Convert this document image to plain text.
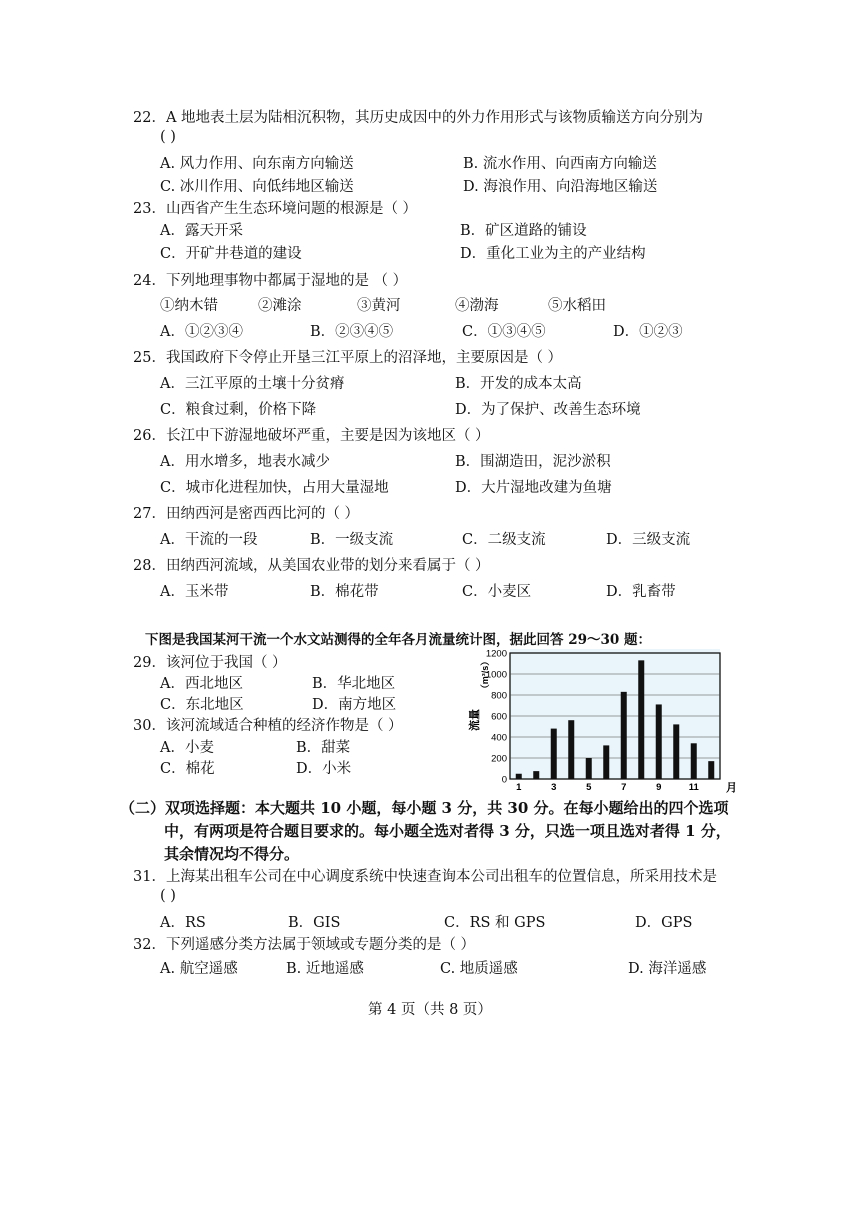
22．A 地地表土层为陆相沉积物，其历史成因中的外力作用形式与该物质输送方向分别为
( )
A. 风力作用、向东南方向输送	B. 流水作用、向西南方向输送
C. 冰川作用、向低纬地区输送	D. 海浪作用、向沿海地区输送
23．山西省产生生态环境问题的根源是（ ）
A．露天开采	B．矿区道路的铺设
C．开矿井巷道的建设	D．重化工业为主的产业结构
24．下列地理事物中都属于湿地的是 （ ）
①纳木错	②滩涂	③黄河	④渤海	⑤水稻田
A．①②③④	B．②③④⑤	C．①③④⑤	D．①②③
25．我国政府下令停止开垦三江平原上的沼泽地，主要原因是（ ）
A．三江平原的土壤十分贫瘠	B．开发的成本太高
C．粮食过剩，价格下降	D．为了保护、改善生态环境
26．长江中下游湿地破坏严重，主要是因为该地区（ ）
A．用水增多，地表水减少	B．围湖造田，泥沙淤积
C．城市化进程加快，占用大量湿地	D．大片湿地改建为鱼塘
27．田纳西河是密西西比河的（ ）
A．干流的一段	B．一级支流	C．二级支流	D．三级支流
28．田纳西河流域，从美国农业带的划分来看属于（ ）
A．玉米带	B．棉花带	C．小麦区	D．乳畜带
下图是我国某河干流一个水文站测得的全年各月流量统计图，据此回答 29～30 题：
29．该河位于我国（ ）
A．西北地区	B．华北地区
C．东北地区	D．南方地区
30．该河流域适合种植的经济作物是（ ）
A．小麦	B．甜菜
C．棉花	D．小米
0
200
400
600
800
1000
1200
1	3	5	7	9	11
流量
（m³/s）
月
（二）双项选择题：本大题共 10 小题，每小题 3 分，共 30 分。在每小题给出的四个选项
中，有两项是符合题目要求的。每小题全选对者得 3 分，只选一项且选对者得 1 分，
其余情况均不得分。
31．上海某出租车公司在中心调度系统中快速查询本公司出租车的位置信息，所采用技术是
( )
A．RS	B．GIS	C．RS 和 GPS	D．GPS
32．下列遥感分类方法属于领域或专题分类的是（ ）
A. 航空遥感	B. 近地遥感	C. 地质遥感	D. 海洋遥感
第 4 页（共 8 页）
